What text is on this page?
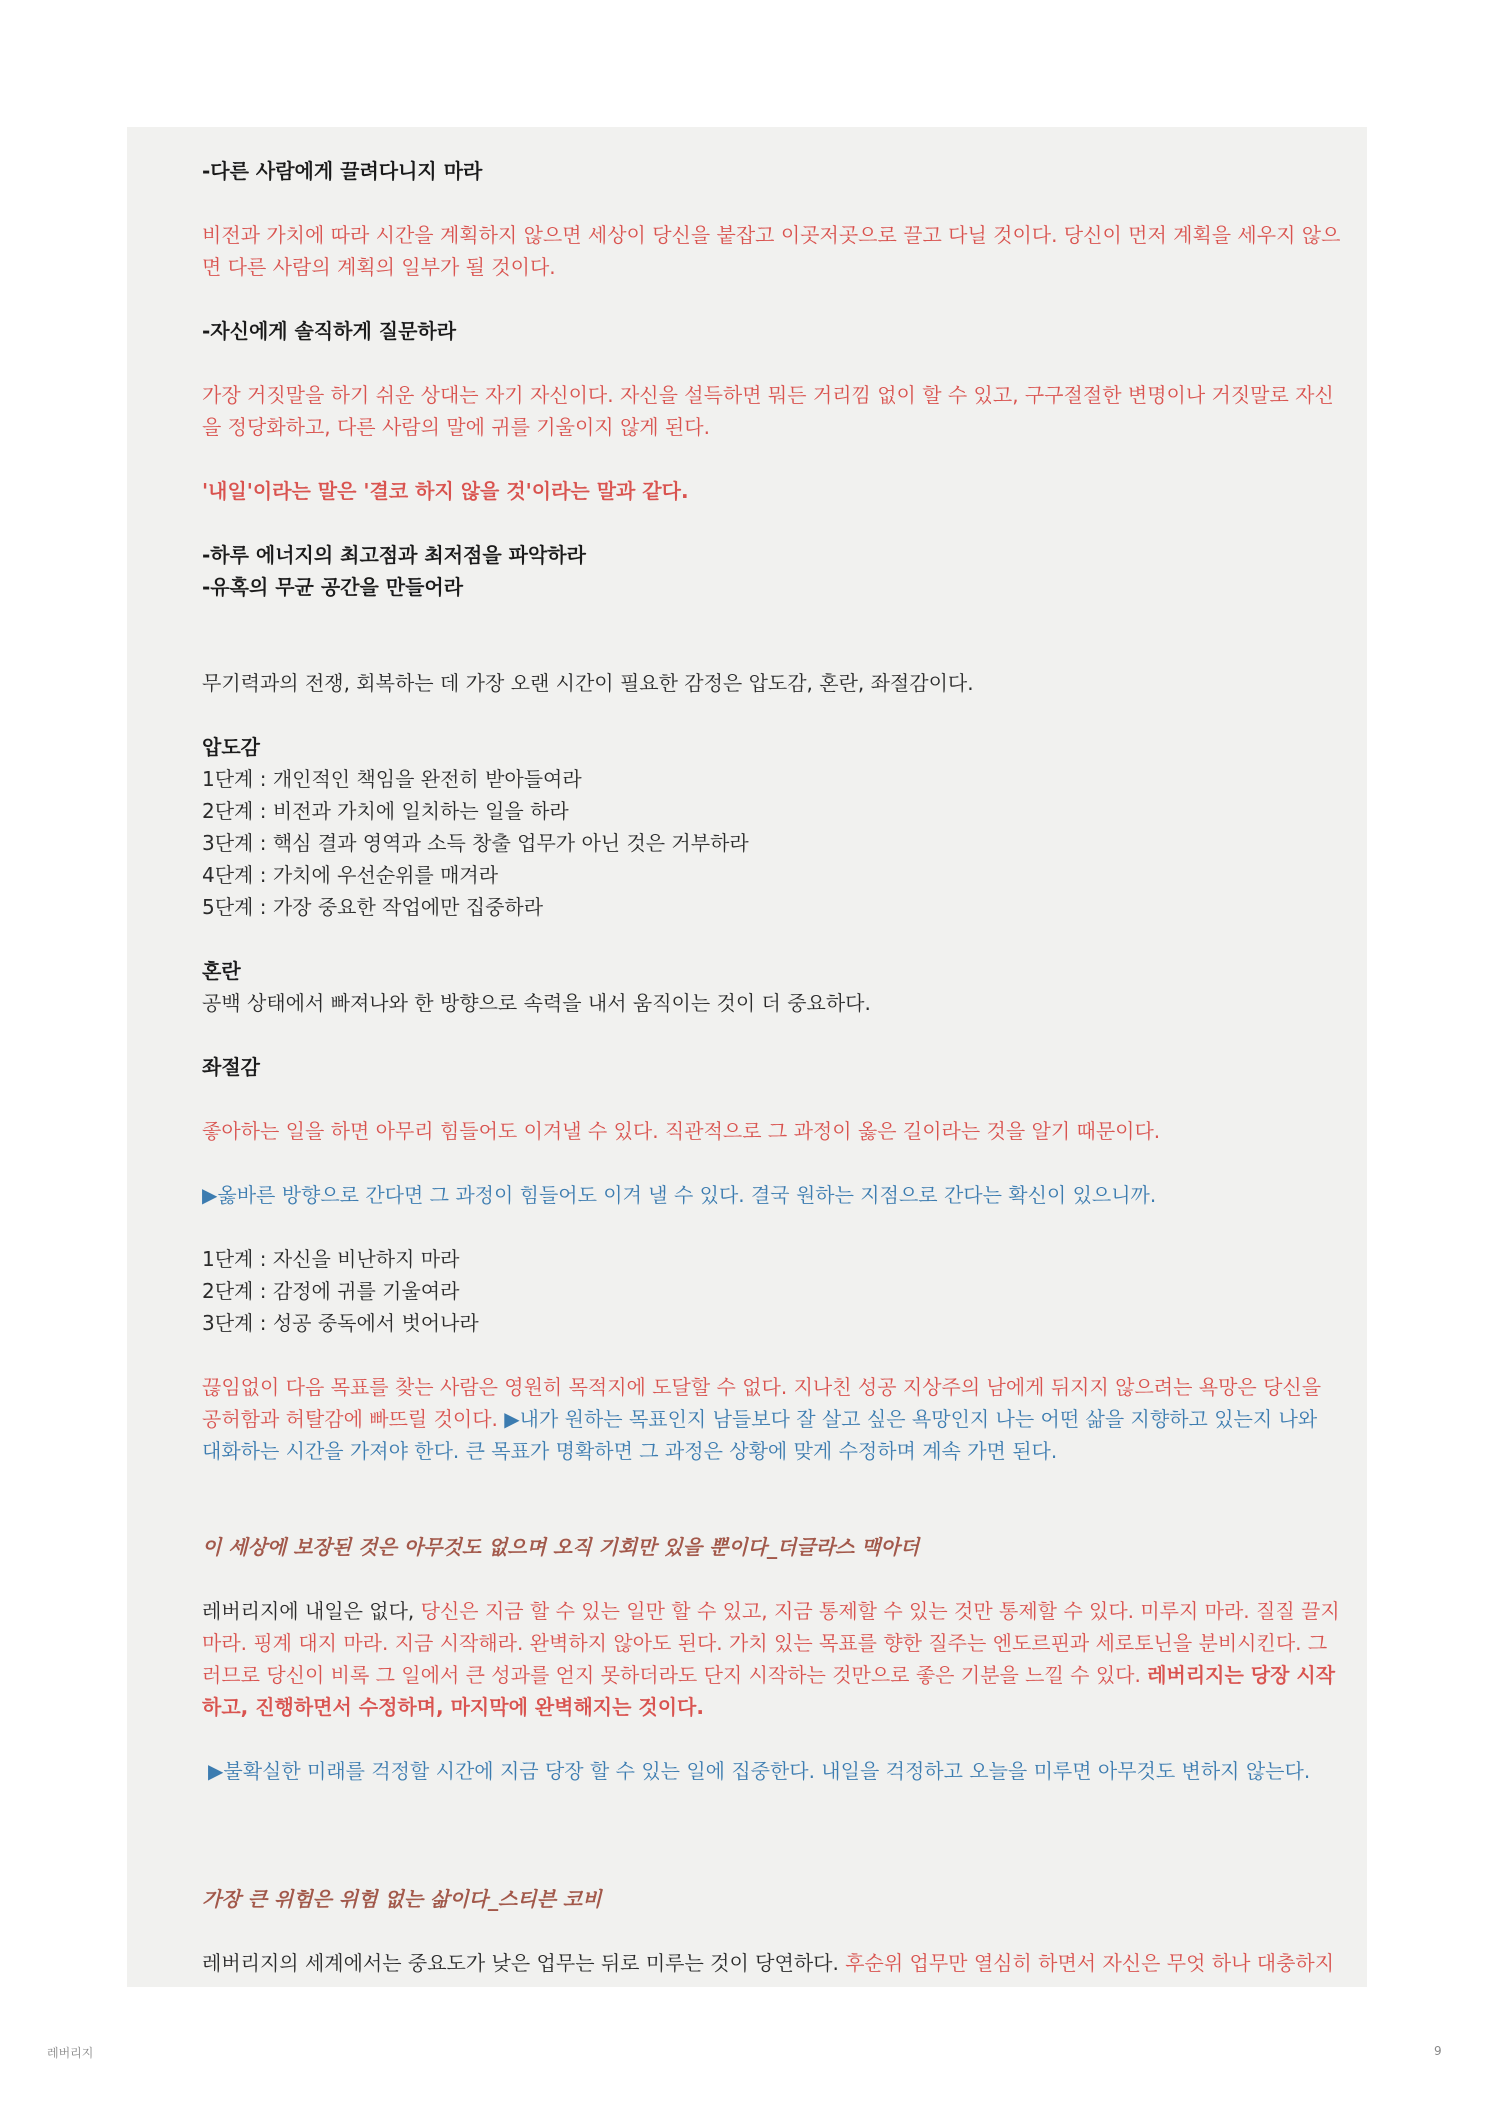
-다른 사람에게 끌려다니지 마라

비전과 가치에 따라 시간을 계획하지 않으면 세상이 당신을 붙잡고 이곳저곳으로 끌고 다닐 것이다. 당신이 먼저 계획을 세우지 않으면 다른 사람의 계획의 일부가 될 것이다.

-자신에게 솔직하게 질문하라

가장 거짓말을 하기 쉬운 상대는 자기 자신이다. 자신을 설득하면 뭐든 거리낌 없이 할 수 있고, 구구절절한 변명이나 거짓말로 자신을 정당화하고, 다른 사람의 말에 귀를 기울이지 않게 된다.

'내일'이라는 말은 '결코 하지 않을 것'이라는 말과 같다.

-하루 에너지의 최고점과 최저점을 파악하라

-유혹의 무균 공간을 만들어라

무기력과의 전쟁, 회복하는 데 가장 오랜 시간이 필요한 감정은 압도감, 혼란, 좌절감이다.

압도감

1단계 : 개인적인 책임을 완전히 받아들여라

2단계 : 비전과 가치에 일치하는 일을 하라

3단계 : 핵심 결과 영역과 소득 창출 업무가 아닌 것은 거부하라

4단계 : 가치에 우선순위를 매겨라

5단계 : 가장 중요한 작업에만 집중하라

혼란

공백 상태에서 빠져나와 한 방향으로 속력을 내서 움직이는 것이 더 중요하다.

좌절감

좋아하는 일을 하면 아무리 힘들어도 이겨낼 수 있다. 직관적으로 그 과정이 옳은 길이라는 것을 알기 때문이다.

▶옳바른 방향으로 간다면 그 과정이 힘들어도 이겨 낼 수 있다. 결국 원하는 지점으로 간다는 확신이 있으니까.

1단계 : 자신을 비난하지 마라

2단계 : 감정에 귀를 기울여라

3단계 : 성공 중독에서 벗어나라

끊임없이 다음 목표를 찾는 사람은 영원히 목적지에 도달할 수 없다. 지나친 성공 지상주의 남에게 뒤지지 않으려는 욕망은 당신을 공허함과 허탈감에 빠뜨릴 것이다. ▶내가 원하는 목표인지 남들보다 잘 살고 싶은 욕망인지 나는 어떤 삶을 지향하고 있는지 나와 대화하는 시간을 가져야 한다. 큰 목표가 명확하면 그 과정은 상황에 맞게 수정하며 계속 가면 된다.

이 세상에 보장된 것은 아무것도 없으며 오직 기회만 있을 뿐이다_더글라스 맥아더

레버리지에 내일은 없다, 당신은 지금 할 수 있는 일만 할 수 있고, 지금 통제할 수 있는 것만 통제할 수 있다. 미루지 마라. 질질 끌지 마라. 핑계 대지 마라. 지금 시작해라. 완벽하지 않아도 된다. 가치 있는 목표를 향한 질주는 엔도르핀과 세로토닌을 분비시킨다. 그러므로 당신이 비록 그 일에서 큰 성과를 얻지 못하더라도 단지 시작하는 것만으로 좋은 기분을 느낄 수 있다. 레버리지는 당장 시작하고, 진행하면서 수정하며, 마지막에 완벽해지는 것이다.

▶불확실한 미래를 걱정할 시간에 지금 당장 할 수 있는 일에 집중한다. 내일을 걱정하고 오늘을 미루면 아무것도 변하지 않는다.

가장 큰 위험은 위험 없는 삶이다_스티븐 코비

레버리지의 세계에서는 중요도가 낮은 업무는 뒤로 미루는 것이 당연하다. 후순위 업무만 열심히 하면서 자신은 무엇 하나 대충하지

레버리지	9
